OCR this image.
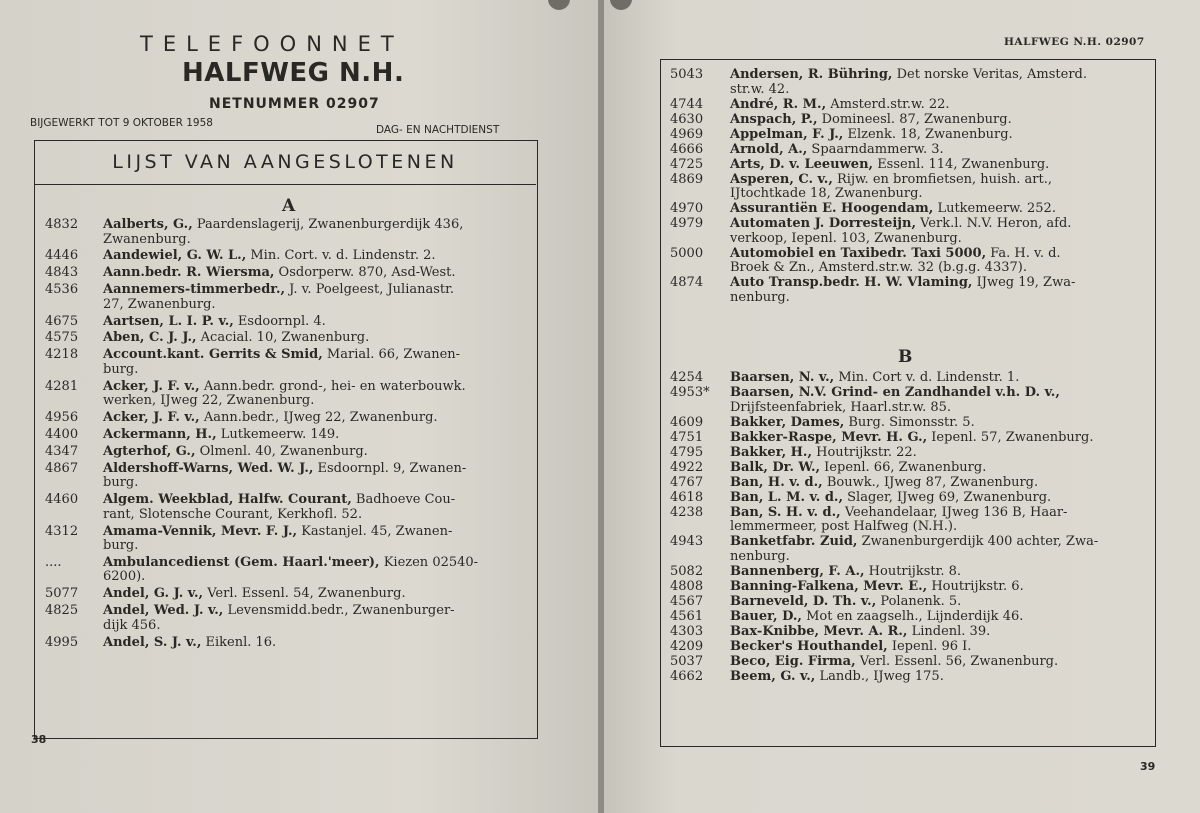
TELEFOONNET
HALFWEG N.H.
NETNUMMER 02907
BIJGEWERKT TOT 9 OKTOBER 1958
DAG- EN NACHTDIENST
LIJST VAN AANGESLOTENEN
A
4832 Aalberts, G., Paardenslagerij, Zwanenburgerdijk 436,
Zwanenburg.
4446 Aandewiel, G. W. L., Min. Cort. v. d. Lindenstr. 2.
4843 Aann.bedr. R. Wiersma, Osdorperw. 870, Asd-West.
4536 Aannemers-timmerbedr., J. v. Poelgeest, Julianastr.
27, Zwanenburg.
4675 Aartsen, L. I. P. v., Esdoornpl. 4.
4575 Aben, C. J. J., Acacial. 10, Zwanenburg.
4218 Account.kant. Gerrits & Smid, Marial. 66, Zwanen-
burg.
4281 Acker, J. F. v., Aann.bedr. grond-, hei- en waterbouwk.
werken, IJweg 22, Zwanenburg.
4956 Acker, J. F. v., Aann.bedr., IJweg 22, Zwanenburg.
4400 Ackermann, H., Lutkemeerw. 149.
4347 Agterhof, G., Olmenl. 40, Zwanenburg.
4867 Aldershoff-Warns, Wed. W. J., Esdoornpl. 9, Zwanen-
burg.
4460 Algem. Weekblad, Halfw. Courant, Badhoeve Cou-
rant, Slotensche Courant, Kerkhofl. 52.
4312 Amama-Vennik, Mevr. F. J., Kastanjel. 45, Zwanen-
burg.
....	Ambulancedienst (Gem. Haarl.'meer), Kiezen 02540-
6200).
5077 Andel, G. J. v., Verl. Essenl. 54, Zwanenburg.
4825 Andel, Wed. J. v., Levensmidd.bedr., Zwanenburger-
dijk 456.
4995 Andel, S. J. v., Eikenl. 16.
38
HALFWEG N.H. 02907
5043 Andersen, R. Bühring, Det norske Veritas, Amsterd.
str.w. 42.
4744 André, R. M., Amsterd.str.w. 22.
4630 Anspach, P., Domineesl. 87, Zwanenburg.
4969 Appelman, F. J., Elzenk. 18, Zwanenburg.
4666 Arnold, A., Spaarndammerw. 3.
4725 Arts, D. v. Leeuwen, Essenl. 114, Zwanenburg.
4869 Asperen, C. v., Rijw. en bromfietsen, huish. art.,
IJtochtkade 18, Zwanenburg.
4970 Assurantiën E. Hoogendam, Lutkemeerw. 252.
4979 Automaten J. Dorresteijn, Verk.l. N.V. Heron, afd.
verkoop, Iepenl. 103, Zwanenburg.
5000 Automobiel en Taxibedr. Taxi 5000, Fa. H. v. d.
Broek & Zn., Amsterd.str.w. 32 (b.g.g. 4337).
4874 Auto Transp.bedr. H. W. Vlaming, IJweg 19, Zwa-
nenburg.
B
4254 Baarsen, N. v., Min. Cort v. d. Lindenstr. 1.
4953* Baarsen, N.V. Grind- en Zandhandel v.h. D. v.,
Drijfsteenfabriek, Haarl.str.w. 85.
4609 Bakker, Dames, Burg. Simonsstr. 5.
4751 Bakker-Raspe, Mevr. H. G., Iepenl. 57, Zwanenburg.
4795 Bakker, H., Houtrijkstr. 22.
4922 Balk, Dr. W., Iepenl. 66, Zwanenburg.
4767 Ban, H. v. d., Bouwk., IJweg 87, Zwanenburg.
4618 Ban, L. M. v. d., Slager, IJweg 69, Zwanenburg.
4238 Ban, S. H. v. d., Veehandelaar, IJweg 136 B, Haar-
lemmermeer, post Halfweg (N.H.).
4943 Banketfabr. Zuid, Zwanenburgerdijk 400 achter, Zwa-
nenburg.
5082 Bannenberg, F. A., Houtrijkstr. 8.
4808 Banning-Falkena, Mevr. E., Houtrijkstr. 6.
4567 Barneveld, D. Th. v., Polanenk. 5.
4561 Bauer, D., Mot en zaagselh., Lijnderdijk 46.
4303 Bax-Knibbe, Mevr. A. R., Lindenl. 39.
4209 Becker's Houthandel, Iepenl. 96 I.
5037 Beco, Eig. Firma, Verl. Essenl. 56, Zwanenburg.
4662 Beem, G. v., Landb., IJweg 175.
39
